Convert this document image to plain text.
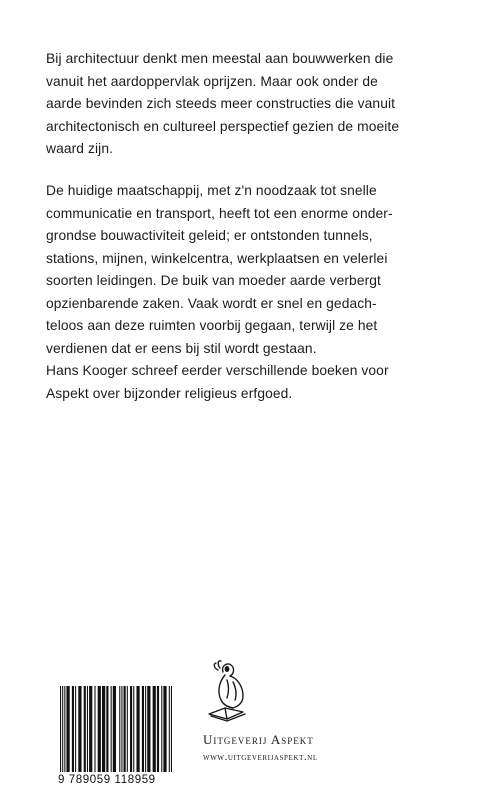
Bij architectuur denkt men meestal aan bouwwerken die
vanuit het aardoppervlak oprijzen. Maar ook onder de
aarde bevinden zich steeds meer constructies die vanuit
architectonisch en cultureel perspectief gezien de moeite
waard zijn.
De huidige maatschappij, met z'n noodzaak tot snelle
communicatie en transport, heeft tot een enorme onder-
grondse bouwactiviteit geleid; er ontstonden tunnels,
stations, mijnen, winkelcentra, werkplaatsen en velerlei
soorten leidingen. De buik van moeder aarde verbergt
opzienbarende zaken. Vaak wordt er snel en gedach-
teloos aan deze ruimten voorbij gegaan, terwijl ze het
verdienen dat er eens bij stil wordt gestaan.
Hans Kooger schreef eerder verschillende boeken voor
Aspekt over bijzonder religieus erfgoed.
9 789059 118959
Uitgeverij Aspekt
www.uitgeverijaspekt.nl
